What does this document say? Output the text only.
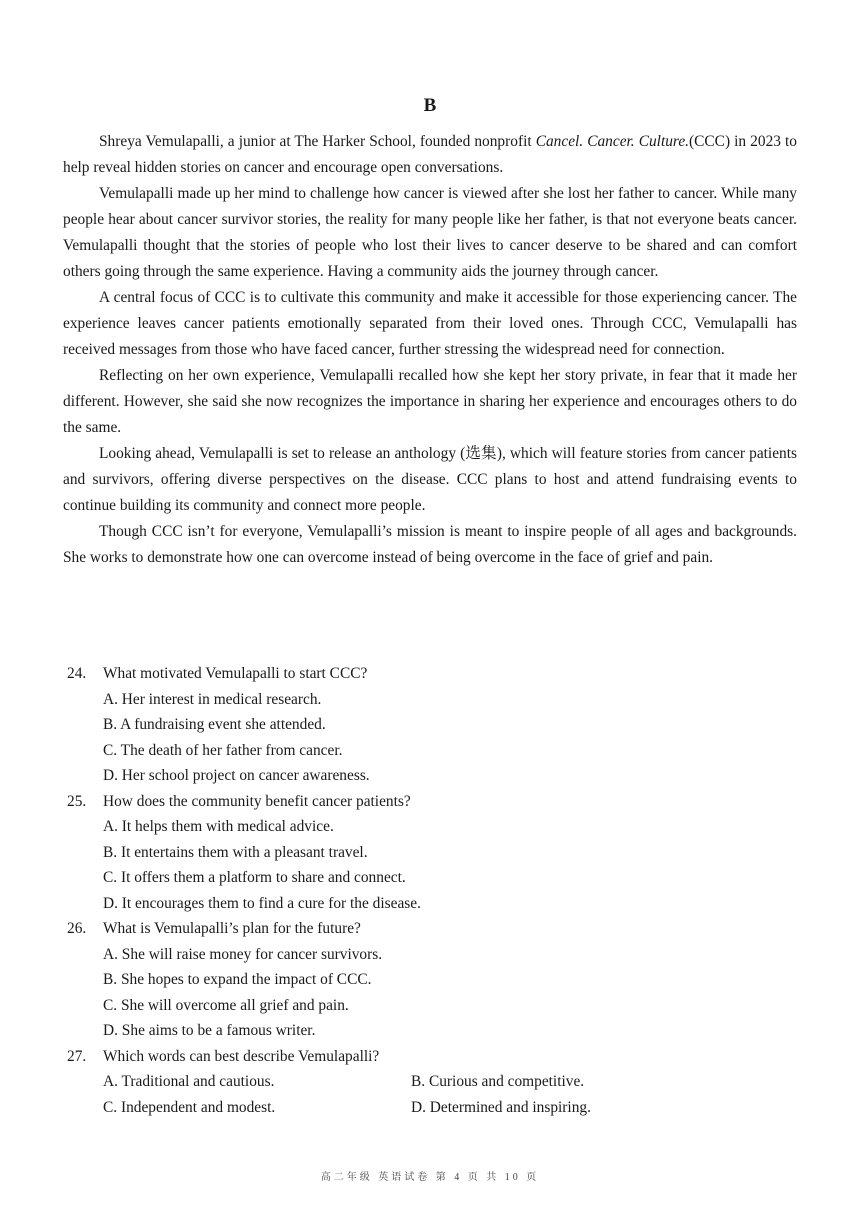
B

Shreya Vemulapalli, a junior at The Harker School, founded nonprofit Cancel. Cancer. Culture.(CCC) in 2023 to help reveal hidden stories on cancer and encourage open conversations.

Vemulapalli made up her mind to challenge how cancer is viewed after she lost her father to cancer. While many people hear about cancer survivor stories, the reality for many people like her father, is that not everyone beats cancer. Vemulapalli thought that the stories of people who lost their lives to cancer deserve to be shared and can comfort others going through the same experience. Having a community aids the journey through cancer.

A central focus of CCC is to cultivate this community and make it accessible for those experiencing cancer. The experience leaves cancer patients emotionally separated from their loved ones. Through CCC, Vemulapalli has received messages from those who have faced cancer, further stressing the widespread need for connection.

Reflecting on her own experience, Vemulapalli recalled how she kept her story private, in fear that it made her different. However, she said she now recognizes the importance in sharing her experience and encourages others to do the same.

Looking ahead, Vemulapalli is set to release an anthology (选集), which will feature stories from cancer patients and survivors, offering diverse perspectives on the disease. CCC plans to host and attend fundraising events to continue building its community and connect more people.

Though CCC isn’t for everyone, Vemulapalli’s mission is meant to inspire people of all ages and backgrounds. She works to demonstrate how one can overcome instead of being overcome in the face of grief and pain.

24. What motivated Vemulapalli to start CCC?
A. Her interest in medical research.
B. A fundraising event she attended.
C. The death of her father from cancer.
D. Her school project on cancer awareness.
25. How does the community benefit cancer patients?
A. It helps them with medical advice.
B. It entertains them with a pleasant travel.
C. It offers them a platform to share and connect.
D. It encourages them to find a cure for the disease.
26. What is Vemulapalli’s plan for the future?
A. She will raise money for cancer survivors.
B. She hopes to expand the impact of CCC.
C. She will overcome all grief and pain.
D. She aims to be a famous writer.
27. Which words can best describe Vemulapalli?
A. Traditional and cautious.	B. Curious and competitive.
C. Independent and modest.	D. Determined and inspiring.
高二年级 英语试卷 第 4 页 共 10 页
